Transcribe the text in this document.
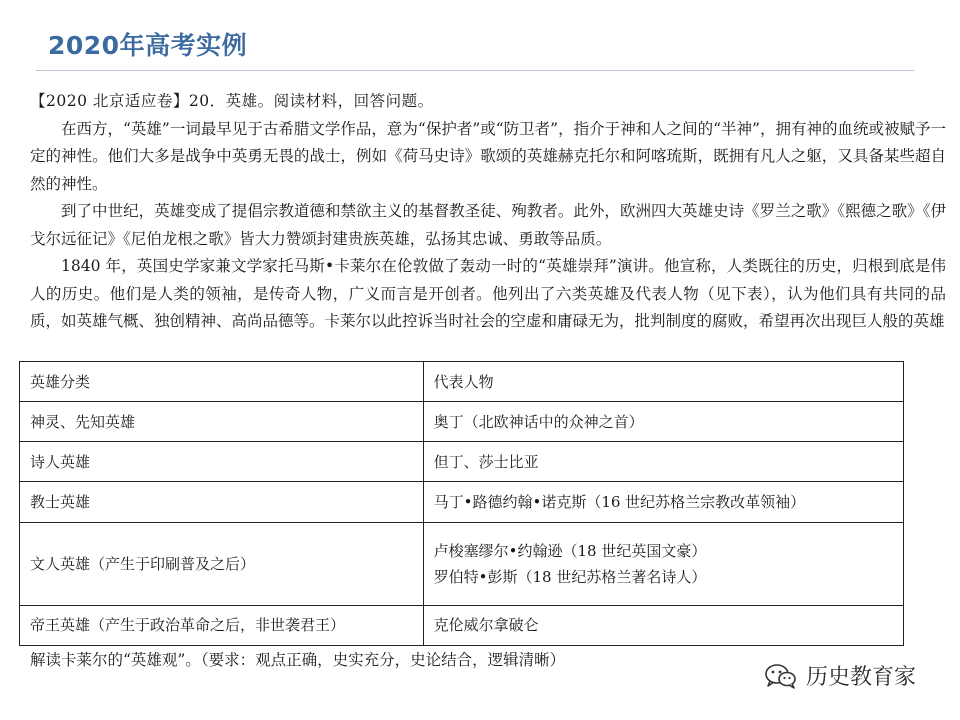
2020年高考实例

【2020 北京适应卷】20．英雄。阅读材料，回答问题。

在西方，“英雄”一词最早见于古希腊文学作品，意为“保护者”或“防卫者”，指介于神和人之间的“半神”，拥有神的血统或被赋予一定的神性。他们大多是战争中英勇无畏的战士，例如《荷马史诗》歌颂的英雄赫克托尔和阿喀琉斯，既拥有凡人之躯，又具备某些超自然的神性。

到了中世纪，英雄变成了提倡宗教道德和禁欲主义的基督教圣徒、殉教者。此外，欧洲四大英雄史诗《罗兰之歌》《熙德之歌》《伊戈尔远征记》《尼伯龙根之歌》皆大力赞颂封建贵族英雄，弘扬其忠诚、勇敢等品质。

1840 年，英国史学家兼文学家托马斯•卡莱尔在伦敦做了轰动一时的“英雄崇拜”演讲。他宣称，人类既往的历史，归根到底是伟人的历史。他们是人类的领袖，是传奇人物，广义而言是开创者。他列出了六类英雄及代表人物（见下表），认为他们具有共同的品质，如英雄气概、独创精神、高尚品德等。卡莱尔以此控诉当时社会的空虚和庸碌无为，批判制度的腐败，希望再次出现巨人般的英雄

英雄分类	代表人物
神灵、先知英雄	奥丁（北欧神话中的众神之首）
诗人英雄	但丁、莎士比亚
教士英雄	马丁•路德约翰•诺克斯（16 世纪苏格兰宗教改革领袖）
文人英雄（产生于印刷普及之后）	卢梭塞缪尔•约翰逊（18 世纪英国文豪）
罗伯特•彭斯（18 世纪苏格兰著名诗人）

帝王英雄（产生于政治革命之后，非世袭君王）	克伦威尔拿破仑
解读卡莱尔的“英雄观”。（要求：观点正确，史实充分，史论结合，逻辑清晰）
历史教育家
